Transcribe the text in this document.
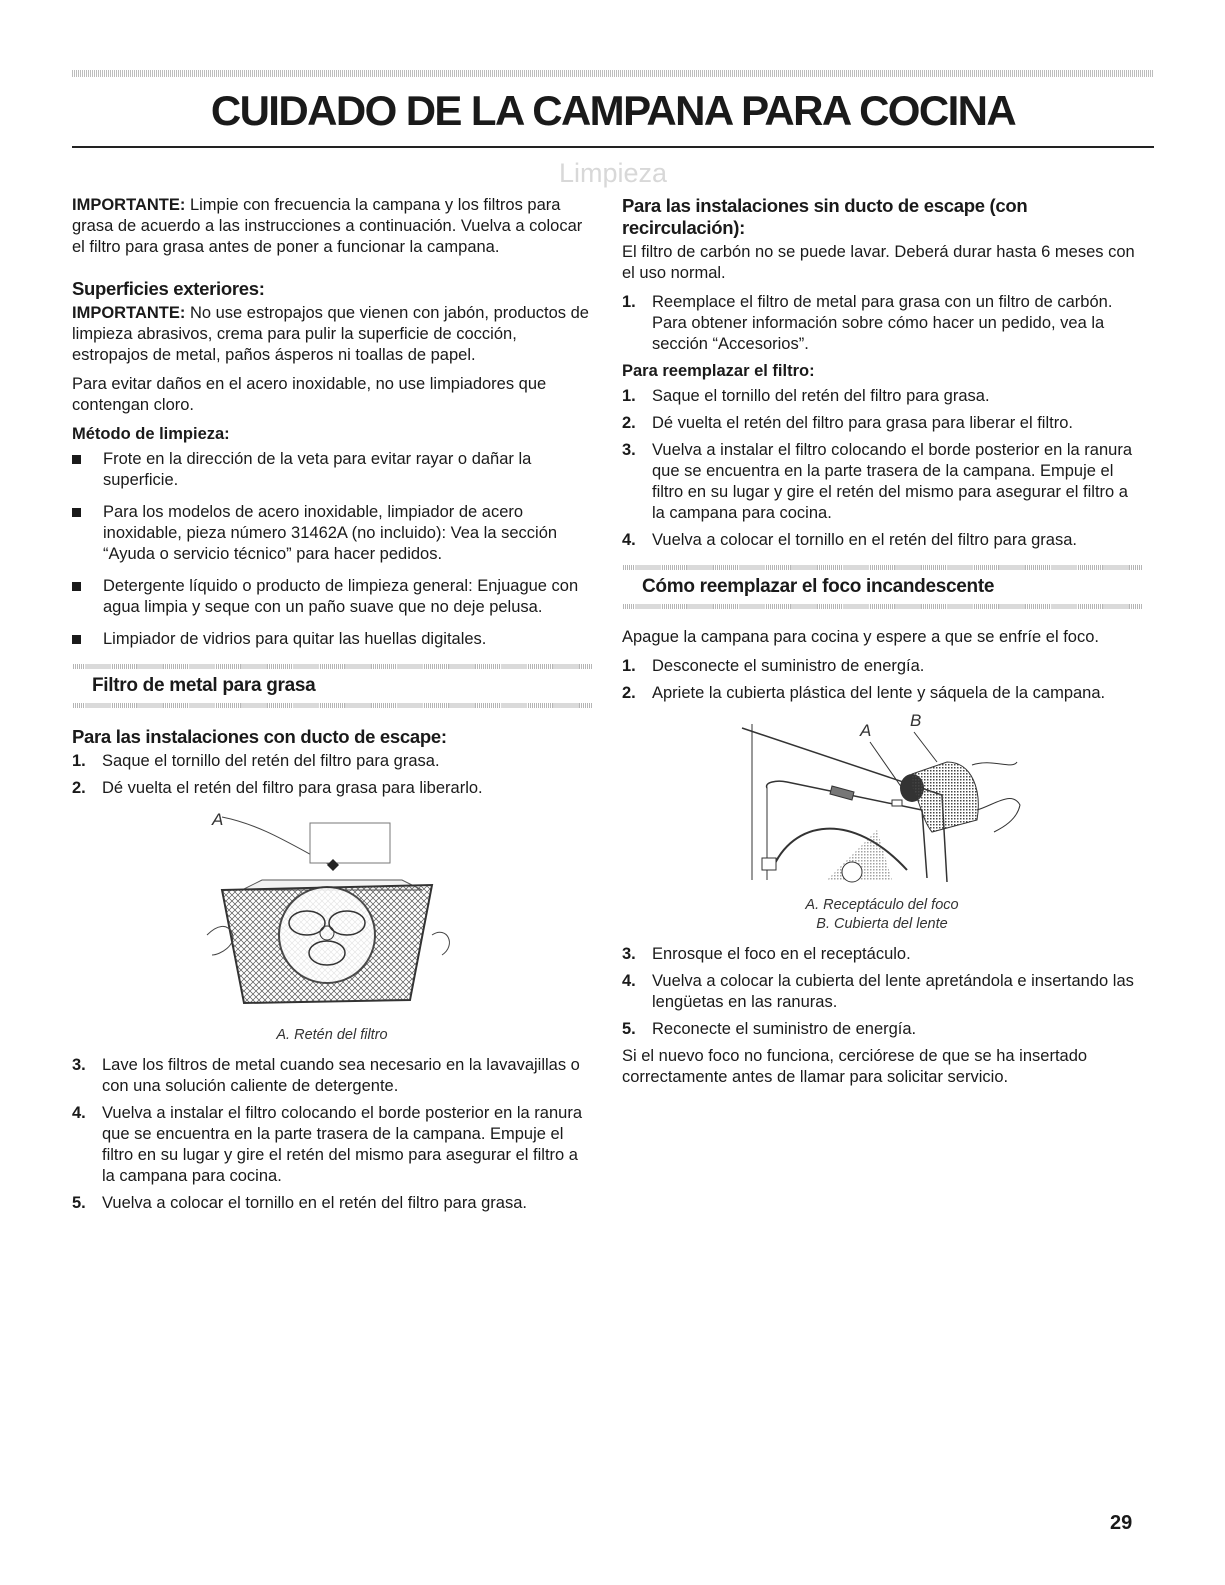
CUIDADO DE LA CAMPANA PARA COCINA
Limpieza

IMPORTANTE: Limpie con frecuencia la campana y los filtros para grasa de acuerdo a las instrucciones a continuación. Vuelva a colocar el filtro para grasa antes de poner a funcionar la campana.

Superficies exteriores:

IMPORTANTE: No use estropajos que vienen con jabón, productos de limpieza abrasivos, crema para pulir la superficie de cocción, estropajos de metal, paños ásperos ni toallas de papel.

Para evitar daños en el acero inoxidable, no use limpiadores que contengan cloro.

Método de limpieza:
Frote en la dirección de la veta para evitar rayar o dañar la superficie.
Para los modelos de acero inoxidable, limpiador de acero inoxidable, pieza número 31462A (no incluido): Vea la sección “Ayuda o servicio técnico” para hacer pedidos.
Detergente líquido o producto de limpieza general: Enjuague con agua limpia y seque con un paño suave que no deje pelusa.
Limpiador de vidrios para quitar las huellas digitales.
Filtro de metal para grasa
Para las instalaciones con ducto de escape:
1. Saque el tornillo del retén del filtro para grasa.
2. Dé vuelta el retén del filtro para grasa para liberarlo.
A
A. Retén del filtro
3. Lave los filtros de metal cuando sea necesario en la lavavajillas o con una solución caliente de detergente.
4. Vuelva a instalar el filtro colocando el borde posterior en la ranura que se encuentra en la parte trasera de la campana. Empuje el filtro en su lugar y gire el retén del mismo para asegurar el filtro a la campana para cocina.
5. Vuelva a colocar el tornillo en el retén del filtro para grasa.
Para las instalaciones sin ducto de escape (con recirculación):

El filtro de carbón no se puede lavar. Deberá durar hasta 6 meses con el uso normal.

1. Reemplace el filtro de metal para grasa con un filtro de carbón. Para obtener información sobre cómo hacer un pedido, vea la sección “Accesorios”.
Para reemplazar el filtro:
1. Saque el tornillo del retén del filtro para grasa.
2. Dé vuelta el retén del filtro para grasa para liberar el filtro.
3. Vuelva a instalar el filtro colocando el borde posterior en la ranura que se encuentra en la parte trasera de la campana. Empuje el filtro en su lugar y gire el retén del mismo para asegurar el filtro a la campana para cocina.
4. Vuelva a colocar el tornillo en el retén del filtro para grasa.
Cómo reemplazar el foco incandescente

Apague la campana para cocina y espere a que se enfríe el foco.

1. Desconecte el suministro de energía.
2. Apriete la cubierta plástica del lente y sáquela de la campana.
A
B
A. Receptáculo del foco
B. Cubierta del lente
3. Enrosque el foco en el receptáculo.
4. Vuelva a colocar la cubierta del lente apretándola e insertando las lengüetas en las ranuras.
5. Reconecte el suministro de energía.

Si el nuevo foco no funciona, cerciórese de que se ha insertado correctamente antes de llamar para solicitar servicio.

29
